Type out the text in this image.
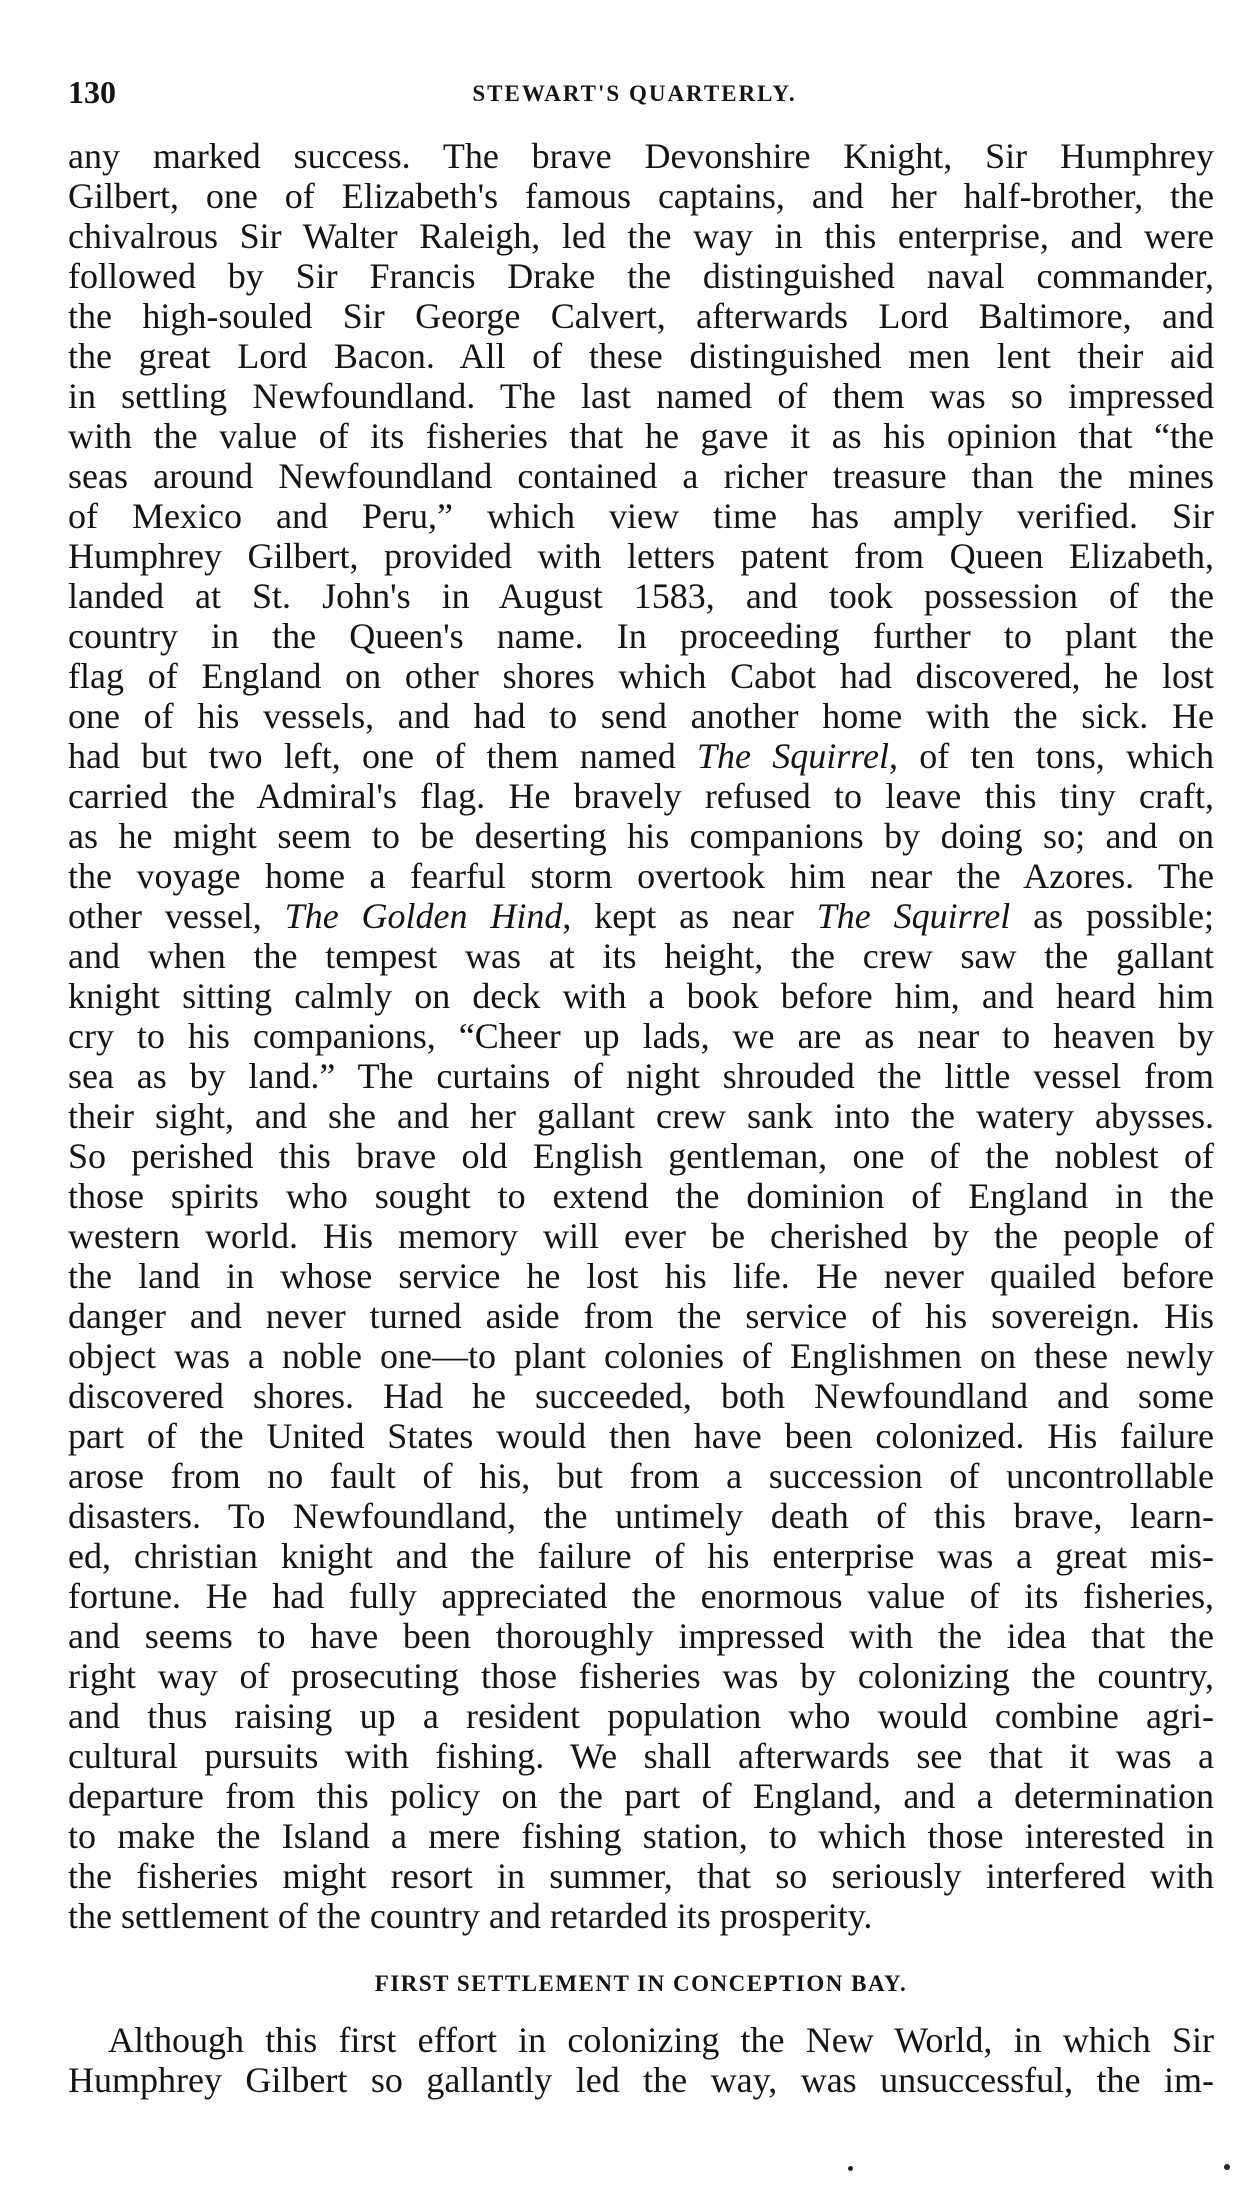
130	STEWART'S QUARTERLY.
any marked success. The brave Devonshire Knight, Sir Humphrey
Gilbert, one of Elizabeth's famous captains, and her half-brother, the
chivalrous Sir Walter Raleigh, led the way in this enterprise, and were
followed by Sir Francis Drake the distinguished naval commander,
the high-souled Sir George Calvert, afterwards Lord Baltimore, and
the great Lord Bacon. All of these distinguished men lent their aid
in settling Newfoundland. The last named of them was so impressed
with the value of its fisheries that he gave it as his opinion that “the
seas around Newfoundland contained a richer treasure than the mines
of Mexico and Peru,” which view time has amply verified. Sir
Humphrey Gilbert, provided with letters patent from Queen Elizabeth,
landed at St. John's in August 1583, and took possession of the
country in the Queen's name. In proceeding further to plant the
flag of England on other shores which Cabot had discovered, he lost
one of his vessels, and had to send another home with the sick. He
had but two left, one of them named The Squirrel, of ten tons, which
carried the Admiral's flag. He bravely refused to leave this tiny craft,
as he might seem to be deserting his companions by doing so; and on
the voyage home a fearful storm overtook him near the Azores. The
other vessel, The Golden Hind, kept as near The Squirrel as possible;
and when the tempest was at its height, the crew saw the gallant
knight sitting calmly on deck with a book before him, and heard him
cry to his companions, “Cheer up lads, we are as near to heaven by
sea as by land.” The curtains of night shrouded the little vessel from
their sight, and she and her gallant crew sank into the watery abysses.
So perished this brave old English gentleman, one of the noblest of
those spirits who sought to extend the dominion of England in the
western world. His memory will ever be cherished by the people of
the land in whose service he lost his life. He never quailed before
danger and never turned aside from the service of his sovereign. His
object was a noble one—to plant colonies of Englishmen on these newly
discovered shores. Had he succeeded, both Newfoundland and some
part of the United States would then have been colonized. His failure
arose from no fault of his, but from a succession of uncontrollable
disasters. To Newfoundland, the untimely death of this brave, learn-
ed, christian knight and the failure of his enterprise was a great mis-
fortune. He had fully appreciated the enormous value of its fisheries,
and seems to have been thoroughly impressed with the idea that the
right way of prosecuting those fisheries was by colonizing the country,
and thus raising up a resident population who would combine agri-
cultural pursuits with fishing. We shall afterwards see that it was a
departure from this policy on the part of England, and a determination
to make the Island a mere fishing station, to which those interested in
the fisheries might resort in summer, that so seriously interfered with
the settlement of the country and retarded its prosperity.
FIRST SETTLEMENT IN CONCEPTION BAY.
Although this first effort in colonizing the New World, in which Sir
Humphrey Gilbert so gallantly led the way, was unsuccessful, the im-
